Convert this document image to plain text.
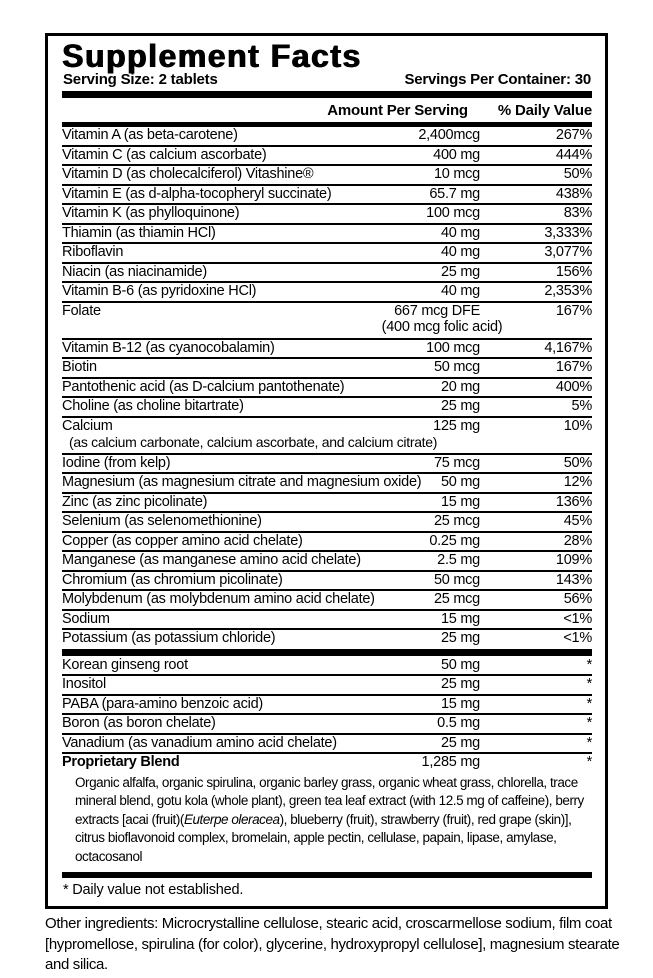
Supplement Facts
Serving Size: 2 tablets	Servings Per Container: 30
Amount Per Serving % Daily Value
Vitamin A (as beta-carotene)	2,400mcg	267%
Vitamin C (as calcium ascorbate)	400 mg	444%
Vitamin D (as cholecalciferol) Vitashine®	10 mcg	50%
Vitamin E (as d-alpha-tocopheryl succinate)	65.7 mg	438%
Vitamin K (as phylloquinone)	100 mcg	83%
Thiamin (as thiamin HCl)	40 mg	3,333%
Riboflavin	40 mg	3,077%
Niacin (as niacinamide)	25 mg	156%
Vitamin B-6 (as pyridoxine HCl)	40 mg	2,353%
Folate	667 mcg DFE	167%
(400 mcg folic acid)
Vitamin B-12 (as cyanocobalamin)	100 mcg	4,167%
Biotin	50 mcg	167%
Pantothenic acid (as D-calcium pantothenate)	20 mg	400%
Choline (as choline bitartrate)	25 mg	5%
Calcium	125 mg	10%
(as calcium carbonate, calcium ascorbate, and calcium citrate)
Iodine (from kelp)	75 mcg	50%
Magnesium (as magnesium citrate and magnesium oxide)	50 mg	12%
Zinc (as zinc picolinate)	15 mg	136%
Selenium (as selenomethionine)	25 mcg	45%
Copper (as copper amino acid chelate)	0.25 mg	28%
Manganese (as manganese amino acid chelate)	2.5 mg	109%
Chromium (as chromium picolinate)	50 mcg	143%
Molybdenum (as molybdenum amino acid chelate)	25 mcg	56%
Sodium	15 mg	<1%
Potassium (as potassium chloride)	25 mg	<1%
Korean ginseng root	50 mg	*
Inositol	25 mg	*
PABA (para-amino benzoic acid)	15 mg	*
Boron (as boron chelate)	0.5 mg	*
Vanadium (as vanadium amino acid chelate)	25 mg	*
Proprietary Blend	1,285 mg	*
Organic alfalfa, organic spirulina, organic barley grass, organic wheat grass, chlorella, trace mineral blend, gotu kola (whole plant), green tea leaf extract (with 12.5 mg of caffeine), berry extracts [acai (fruit)(Euterpe oleracea), blueberry (fruit), strawberry (fruit), red grape (skin)], citrus bioflavonoid complex, bromelain, apple pectin, cellulase, papain, lipase, amylase, octacosanol
* Daily value not established.
Other ingredients: Microcrystalline cellulose, stearic acid, croscarmellose sodium, film coat [hypromellose, spirulina (for color), glycerine, hydroxypropyl cellulose], magnesium stearate and silica.
